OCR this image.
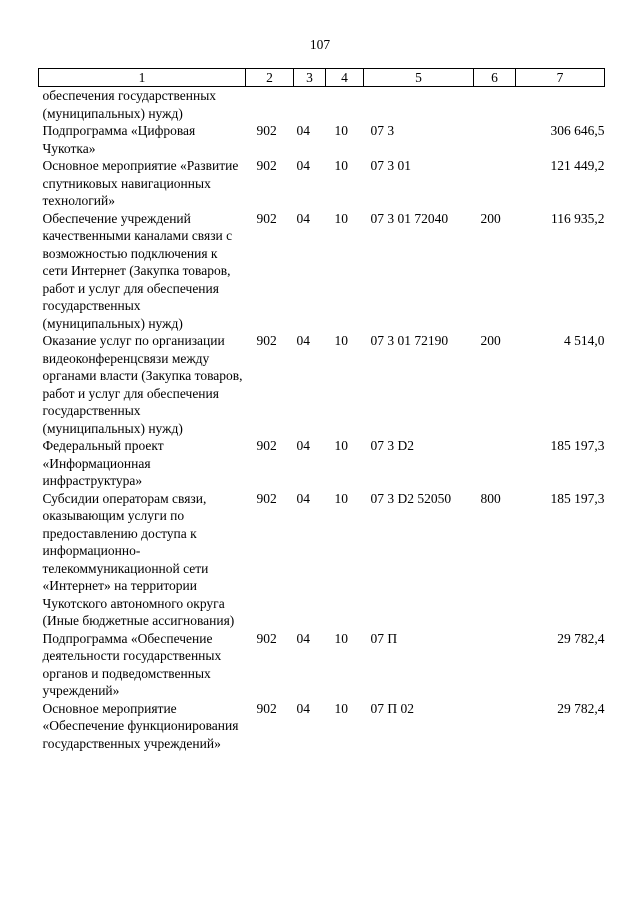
107
1	2	3	4	5	6	7
обеспечения государственных (муниципальных) нужд)						
Подпрограмма «Цифровая Чукотка»	902	04	10	07 3		306 646,5
Основное мероприятие «Развитие спутниковых навигационных технологий»	902	04	10	07 3 01		121 449,2
Обеспечение учреждений качественными каналами связи с возможностью подключения к сети Интернет (Закупка товаров, работ и услуг для обеспечения государственных (муниципальных) нужд)	902	04	10	07 3 01 72040	200	116 935,2
Оказание услуг по организации видеоконференцсвязи между органами власти (Закупка товаров, работ и услуг для обеспечения государственных (муниципальных) нужд)	902	04	10	07 3 01 72190	200	4 514,0
Федеральный проект «Информационная инфраструктура»	902	04	10	07 3 D2		185 197,3
Субсидии операторам связи, оказывающим услуги по предоставлению доступа к информационно-телекоммуникационной сети «Интернет» на территории Чукотского автономного округа (Иные бюджетные ассигнования)	902	04	10	07 3 D2 52050	800	185 197,3
Подпрограмма «Обеспечение деятельности государственных органов и подведомственных учреждений»	902	04	10	07 П		29 782,4
Основное мероприятие «Обеспечение функционирования государственных учреждений»	902	04	10	07 П 02		29 782,4
